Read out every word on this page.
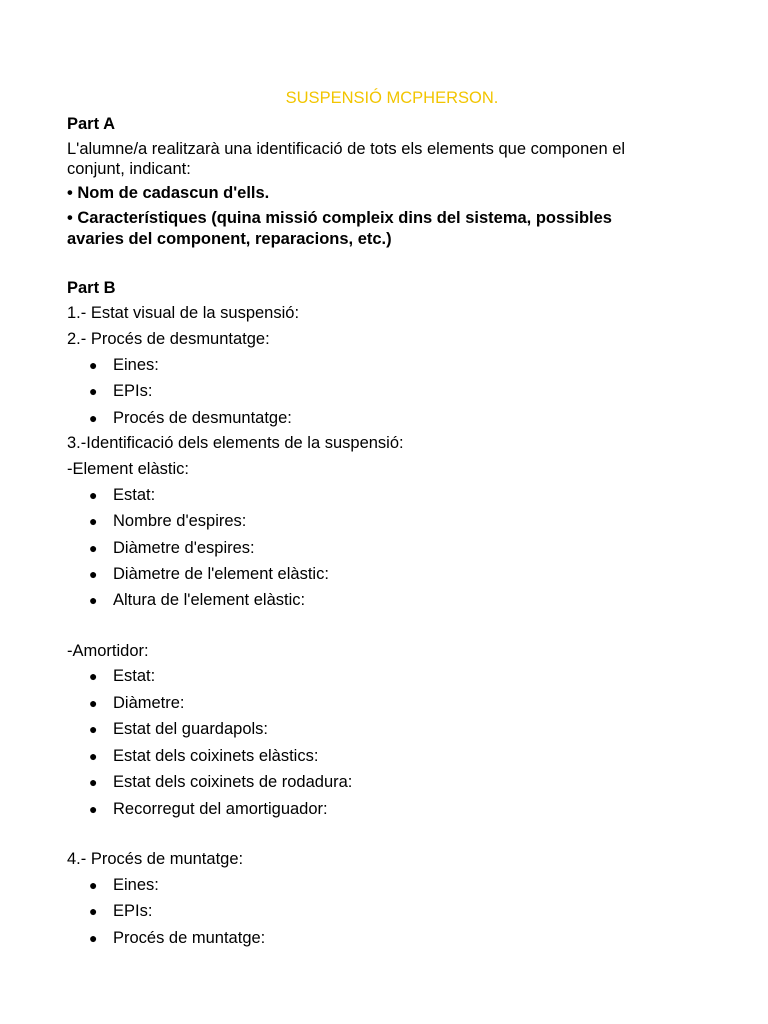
SUSPENSIÓ MCPHERSON.
Part A
L'alumne/a realitzarà una identificació de tots els elements que componen el
conjunt, indicant:
• Nom de cadascun d'ells.
• Característiques (quina missió compleix dins del sistema, possibles
avaries del component, reparacions, etc.)
Part B
1.- Estat visual de la suspensió:
2.- Procés de desmuntatge:
● Eines:
● EPIs:
● Procés de desmuntatge:
3.-Identificació dels elements de la suspensió:
-Element elàstic:
● Estat:
● Nombre d'espires:
● Diàmetre d'espires:
● Diàmetre de l'element elàstic:
● Altura de l'element elàstic:
-Amortidor:
● Estat:
● Diàmetre:
● Estat del guardapols:
● Estat dels coixinets elàstics:
● Estat dels coixinets de rodadura:
● Recorregut del amortiguador:
4.- Procés de muntatge:
● Eines:
● EPIs:
● Procés de muntatge:
